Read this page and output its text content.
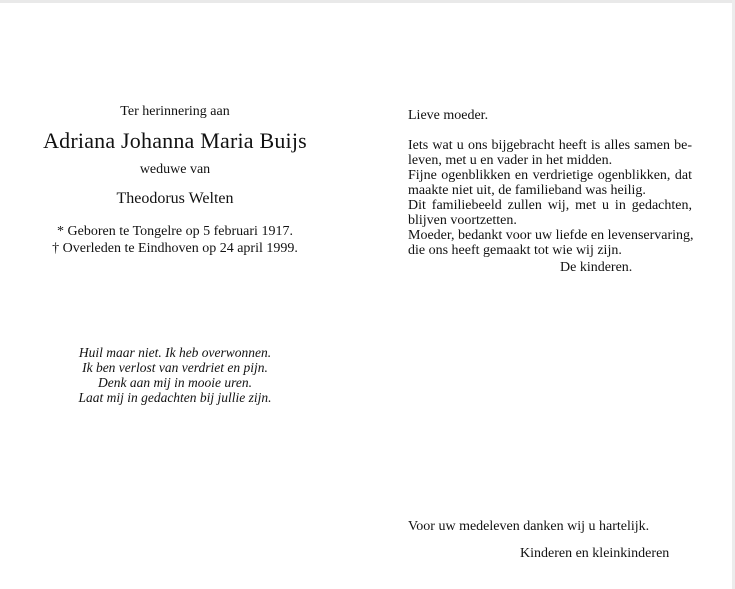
Ter herinnering aan
Adriana Johanna Maria Buijs
weduwe van
Theodorus Welten
* Geboren te Tongelre op 5 februari 1917.
† Overleden te Eindhoven op 24 april 1999.
Huil maar niet. Ik heb overwonnen.
Ik ben verlost van verdriet en pijn.
Denk aan mij in mooie uren.
Laat mij in gedachten bij jullie zijn.
Lieve moeder.
Iets wat u ons bijgebracht heeft is alles samen be-
leven, met u en vader in het midden.
Fijne ogenblikken en verdrietige ogenblikken, dat
maakte niet uit, de familieband was heilig.
Dit familiebeeld zullen wij, met u in gedachten,
blijven voortzetten.
Moeder, bedankt voor uw liefde en levenservaring,
die ons heeft gemaakt tot wie wij zijn.
De kinderen.
Voor uw medeleven danken wij u hartelijk.
Kinderen en kleinkinderen
